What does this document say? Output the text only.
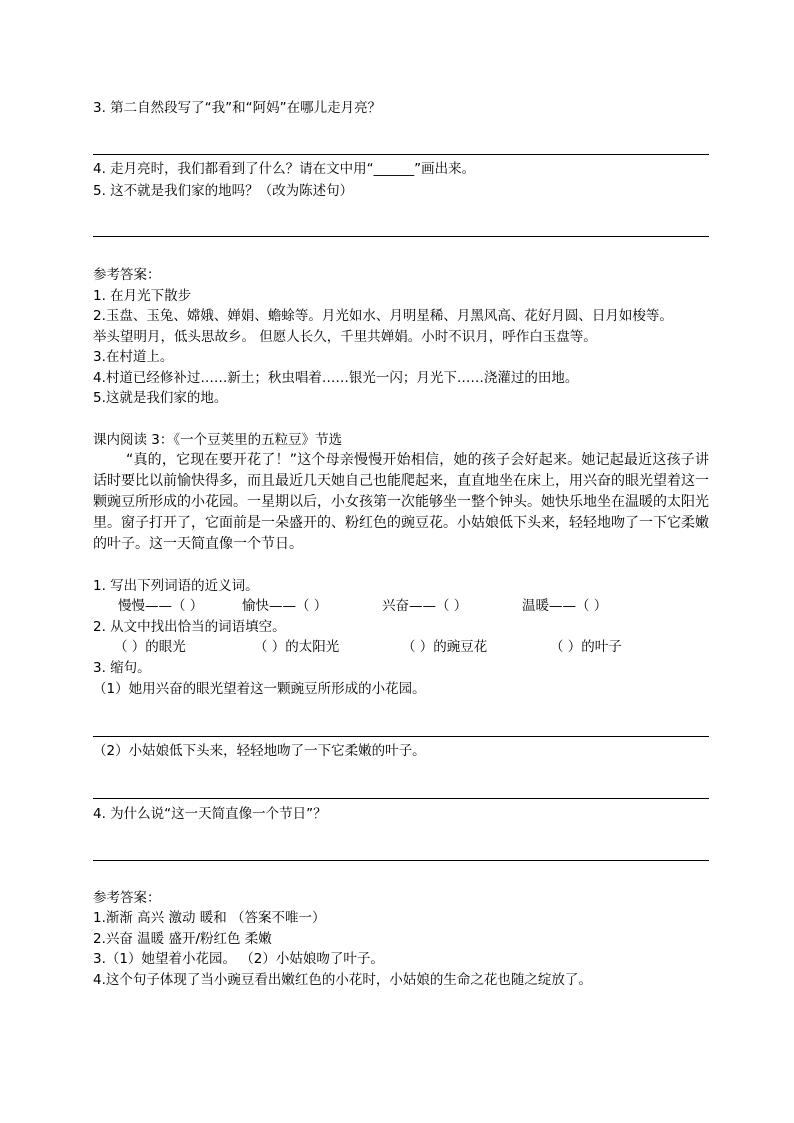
3. 第二自然段写了“我”和“阿妈”在哪儿走月亮？
4. 走月亮时，我们都看到了什么？请在文中用“______”画出来。
5. 这不就是我们家的地吗？（改为陈述句）
参考答案：
1. 在月光下散步
2.玉盘、玉兔、嫦娥、婵娟、蟾蜍等。月光如水、月明星稀、月黑风高、花好月圆、日月如梭等。
举头望明月，低头思故乡。 但愿人长久，千里共婵娟。小时不识月，呼作白玉盘等。
3.在村道上。
4.村道已经修补过……新土；秋虫唱着……银光一闪；月光下……浇灌过的田地。
5.这就是我们家的地。
课内阅读 3：《一个豆荚里的五粒豆》节选

“真的，它现在要开花了！”这个母亲慢慢开始相信，她的孩子会好起来。她记起最近这孩子讲话时要比以前愉快得多，而且最近几天她自己也能爬起来，直直地坐在床上，用兴奋的眼光望着这一颗豌豆所形成的小花园。一星期以后，小女孩第一次能够坐一整个钟头。她快乐地坐在温暖的太阳光里。窗子打开了，它面前是一朵盛开的、粉红色的豌豆花。小姑娘低下头来，轻轻地吻了一下它柔嫩的叶子。这一天简直像一个节日。

1. 写出下列词语的近义词。
慢慢——（ ）	愉快——（ ）	兴奋——（ ）	温暖——（ ）
2. 从文中找出恰当的词语填空。
（ ）的眼光	（ ）的太阳光	（ ）的豌豆花	（ ）的叶子
3. 缩句。
（1）她用兴奋的眼光望着这一颗豌豆所形成的小花园。
（2）小姑娘低下头来，轻轻地吻了一下它柔嫩的叶子。
4. 为什么说“这一天简直像一个节日”？
参考答案：
1.渐渐 高兴 激动 暖和 （答案不唯一）
2.兴奋 温暖 盛开/粉红色 柔嫩
3.（1）她望着小花园。 （2）小姑娘吻了叶子。
4.这个句子体现了当小豌豆看出嫩红色的小花时，小姑娘的生命之花也随之绽放了。
